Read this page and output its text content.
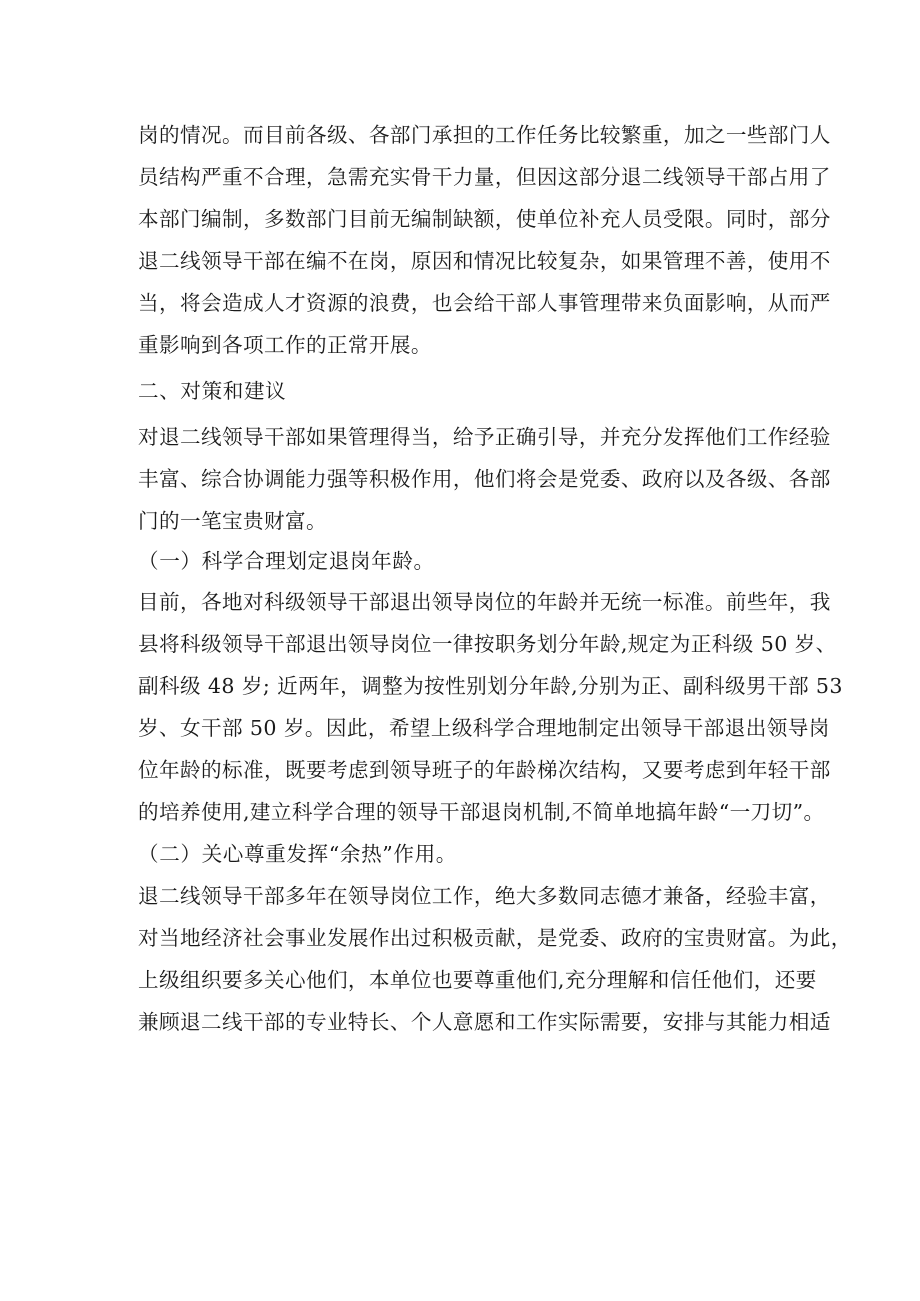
岗的情况。而目前各级、各部门承担的工作任务比较繁重，加之一些部门人
员结构严重不合理，急需充实骨干力量，但因这部分退二线领导干部占用了
本部门编制，多数部门目前无编制缺额，使单位补充人员受限。同时，部分
退二线领导干部在编不在岗，原因和情况比较复杂，如果管理不善，使用不
当，将会造成人才资源的浪费，也会给干部人事管理带来负面影响，从而严
重影响到各项工作的正常开展。
二、对策和建议
对退二线领导干部如果管理得当，给予正确引导，并充分发挥他们工作经验
丰富、综合协调能力强等积极作用，他们将会是党委、政府以及各级、各部
门的一笔宝贵财富。
（一）科学合理划定退岗年龄。
目前，各地对科级领导干部退出领导岗位的年龄并无统一标准。前些年，我
县将科级领导干部退出领导岗位一律按职务划分年龄,规定为正科级 50 岁、
副科级 48 岁; 近两年，调整为按性别划分年龄,分别为正、副科级男干部 53
岁、女干部 50 岁。因此，希望上级科学合理地制定出领导干部退出领导岗
位年龄的标准，既要考虑到领导班子的年龄梯次结构，又要考虑到年轻干部
的培养使用,建立科学合理的领导干部退岗机制,不简单地搞年龄“一刀切”。
（二）关心尊重发挥“余热”作用。
退二线领导干部多年在领导岗位工作，绝大多数同志德才兼备，经验丰富，
对当地经济社会事业发展作出过积极贡献，是党委、政府的宝贵财富。为此，
上级组织要多关心他们，本单位也要尊重他们,充分理解和信任他们，还要
兼顾退二线干部的专业特长、个人意愿和工作实际需要，安排与其能力相适
